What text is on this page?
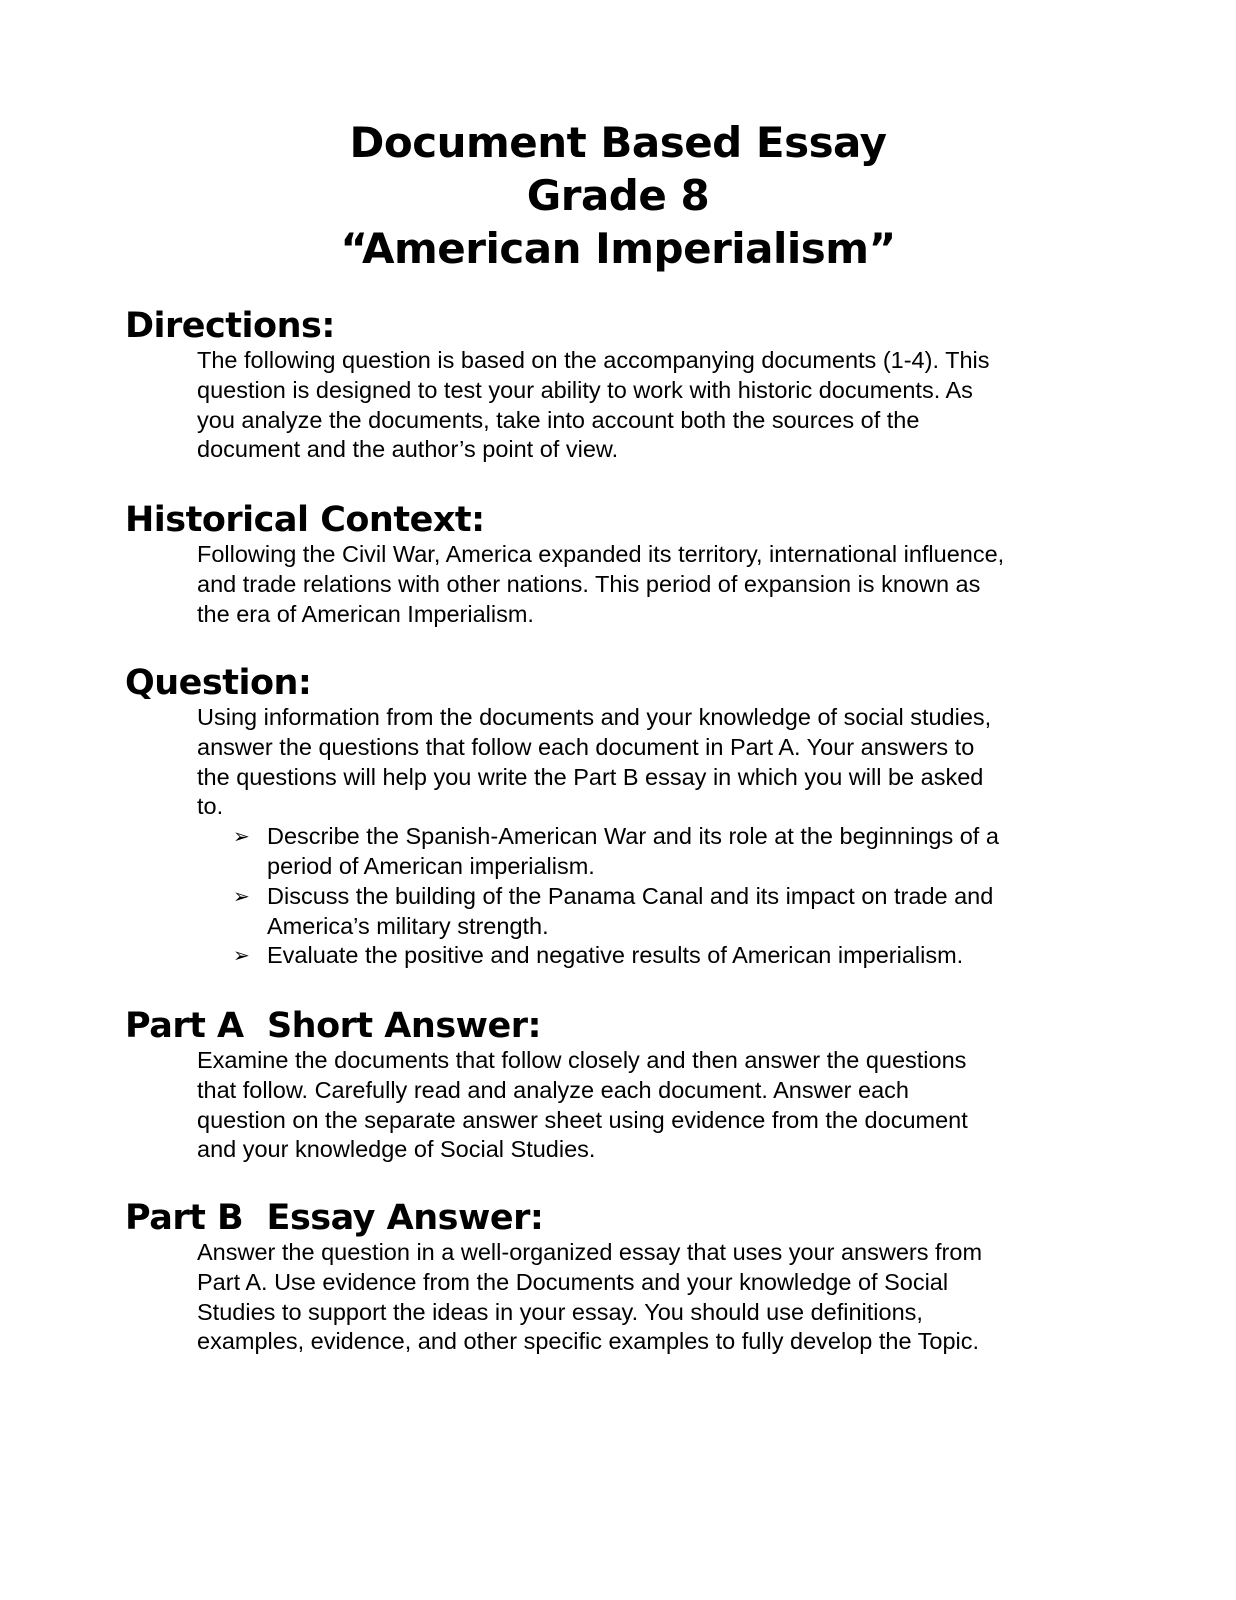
Document Based Essay
Grade 8
“American Imperialism”
Directions:

The following question is based on the accompanying documents (1-4). This
question is designed to test your ability to work with historic documents. As
you analyze the documents, take into account both the sources of the
document and the author’s point of view.

Historical Context:

Following the Civil War, America expanded its territory, international influence,
and trade relations with other nations. This period of expansion is known as
the era of American Imperialism.

Question:

Using information from the documents and your knowledge of social studies,
answer the questions that follow each document in Part A. Your answers to
the questions will help you write the Part B essay in which you will be asked
to.

➢ Describe the Spanish-American War and its role at the beginnings of a
period of American imperialism.
➢ Discuss the building of the Panama Canal and its impact on trade and
America’s military strength.
➢ Evaluate the positive and negative results of American imperialism.
Part A  Short Answer:

Examine the documents that follow closely and then answer the questions
that follow. Carefully read and analyze each document. Answer each
question on the separate answer sheet using evidence from the document
and your knowledge of Social Studies.

Part B  Essay Answer:

Answer the question in a well-organized essay that uses your answers from
Part A. Use evidence from the Documents and your knowledge of Social
Studies to support the ideas in your essay. You should use definitions,
examples, evidence, and other specific examples to fully develop the Topic.
